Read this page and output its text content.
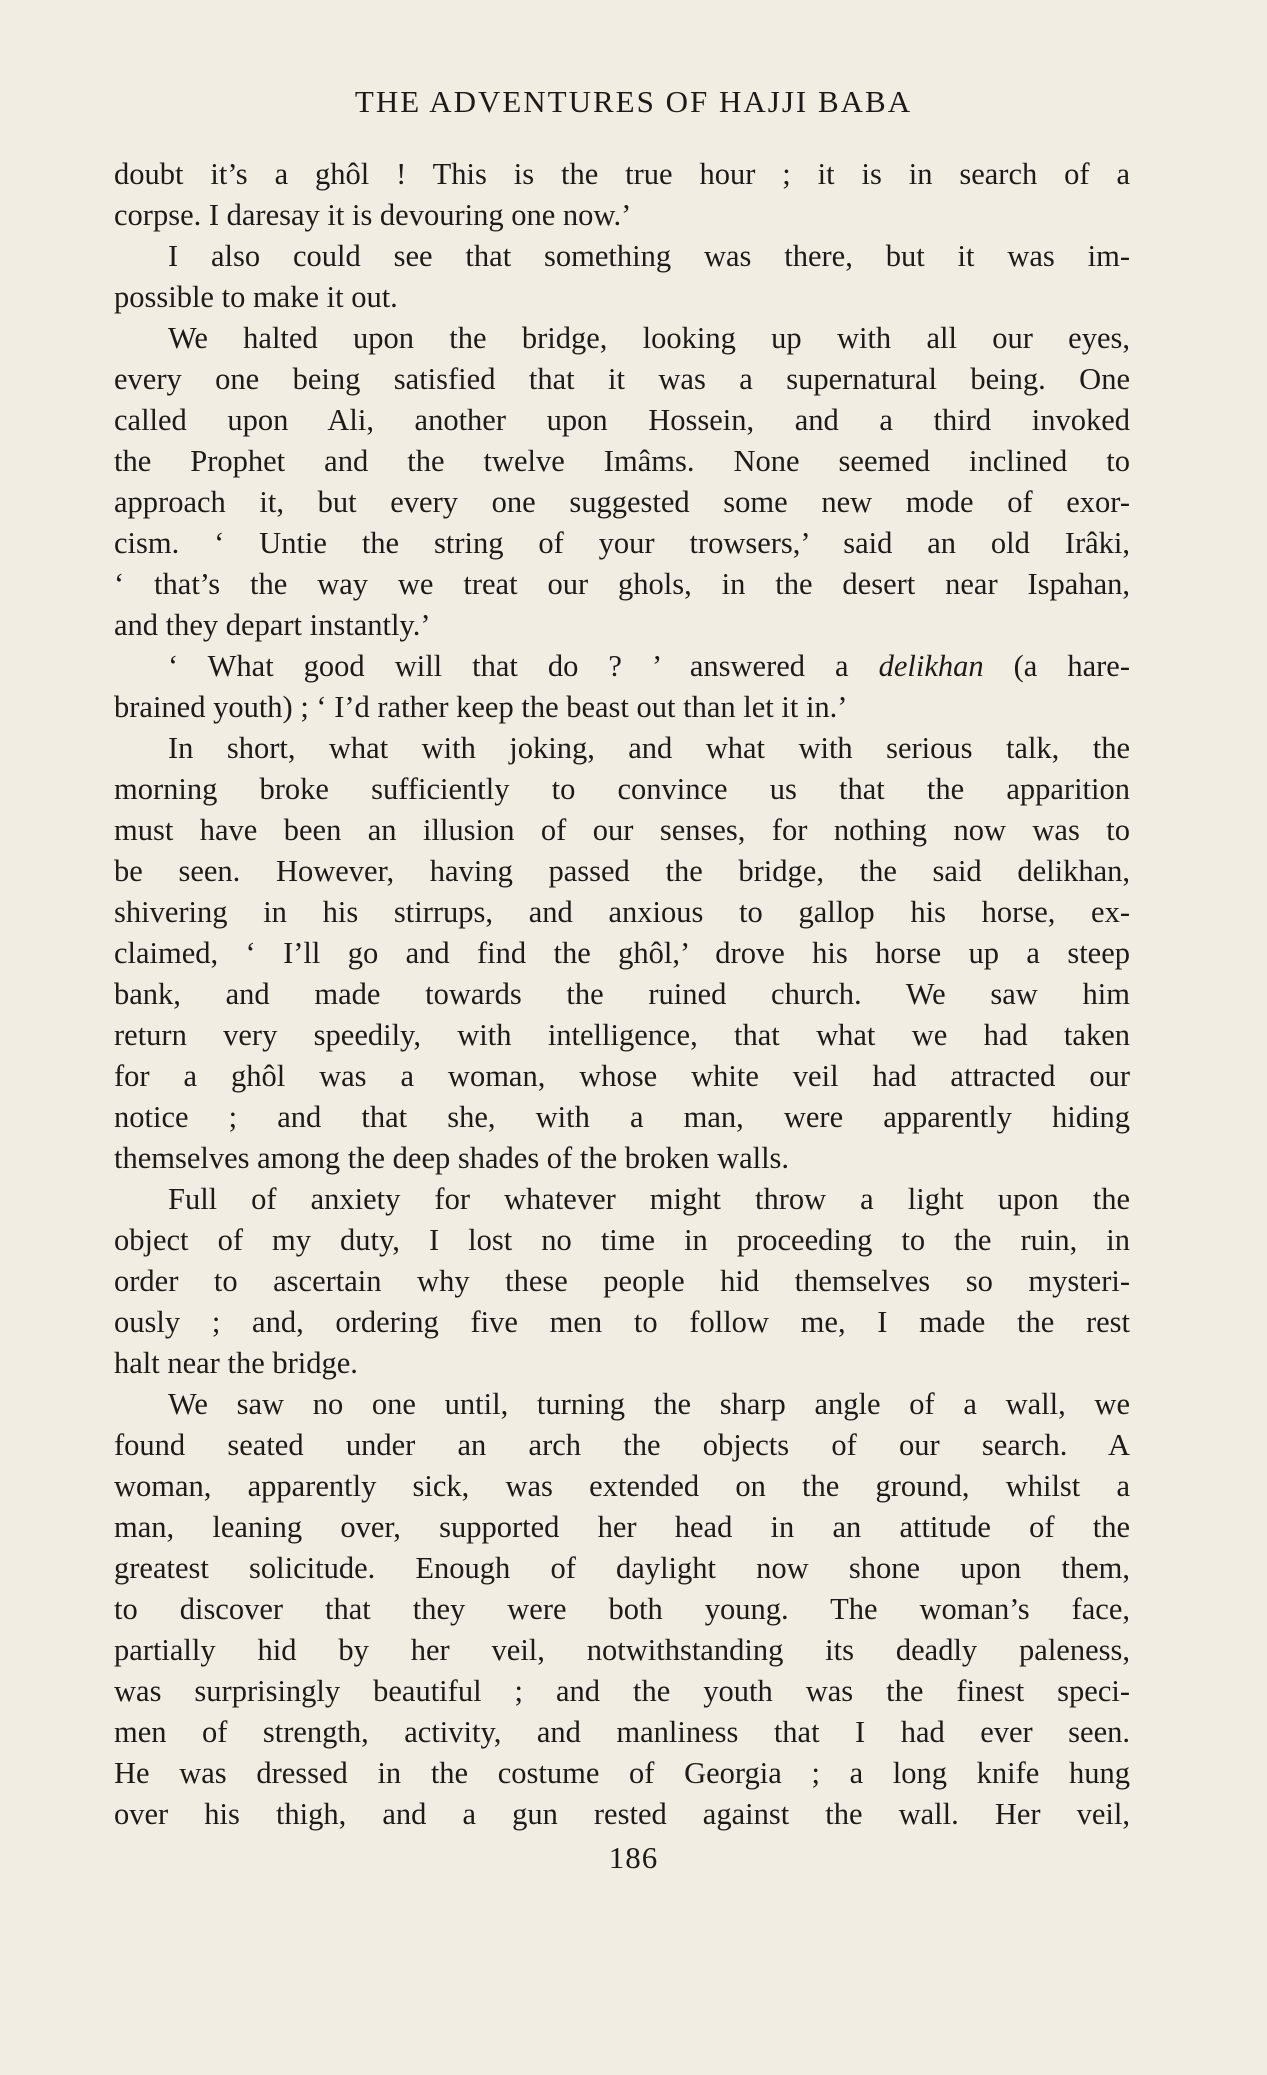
THE ADVENTURES OF HAJJI BABA
doubt it’s a ghôl ! This is the true hour ; it is in search of a
corpse. I daresay it is devouring one now.’
I also could see that something was there, but it was im-
possible to make it out.
We halted upon the bridge, looking up with all our eyes,
every one being satisfied that it was a supernatural being. One
called upon Ali, another upon Hossein, and a third invoked
the Prophet and the twelve Imâms. None seemed inclined to
approach it, but every one suggested some new mode of exor-
cism. ‘ Untie the string of your trowsers,’ said an old Irâki,
‘ that’s the way we treat our ghols, in the desert near Ispahan,
and they depart instantly.’
‘ What good will that do ? ’ answered a delikhan (a hare-
brained youth) ; ‘ I’d rather keep the beast out than let it in.’
In short, what with joking, and what with serious talk, the
morning broke sufficiently to convince us that the apparition
must have been an illusion of our senses, for nothing now was to
be seen. However, having passed the bridge, the said delikhan,
shivering in his stirrups, and anxious to gallop his horse, ex-
claimed, ‘ I’ll go and find the ghôl,’ drove his horse up a steep
bank, and made towards the ruined church. We saw him
return very speedily, with intelligence, that what we had taken
for a ghôl was a woman, whose white veil had attracted our
notice ; and that she, with a man, were apparently hiding
themselves among the deep shades of the broken walls.
Full of anxiety for whatever might throw a light upon the
object of my duty, I lost no time in proceeding to the ruin, in
order to ascertain why these people hid themselves so mysteri-
ously ; and, ordering five men to follow me, I made the rest
halt near the bridge.
We saw no one until, turning the sharp angle of a wall, we
found seated under an arch the objects of our search. A
woman, apparently sick, was extended on the ground, whilst a
man, leaning over, supported her head in an attitude of the
greatest solicitude. Enough of daylight now shone upon them,
to discover that they were both young. The woman’s face,
partially hid by her veil, notwithstanding its deadly paleness,
was surprisingly beautiful ; and the youth was the finest speci-
men of strength, activity, and manliness that I had ever seen.
He was dressed in the costume of Georgia ; a long knife hung
over his thigh, and a gun rested against the wall. Her veil,
186
